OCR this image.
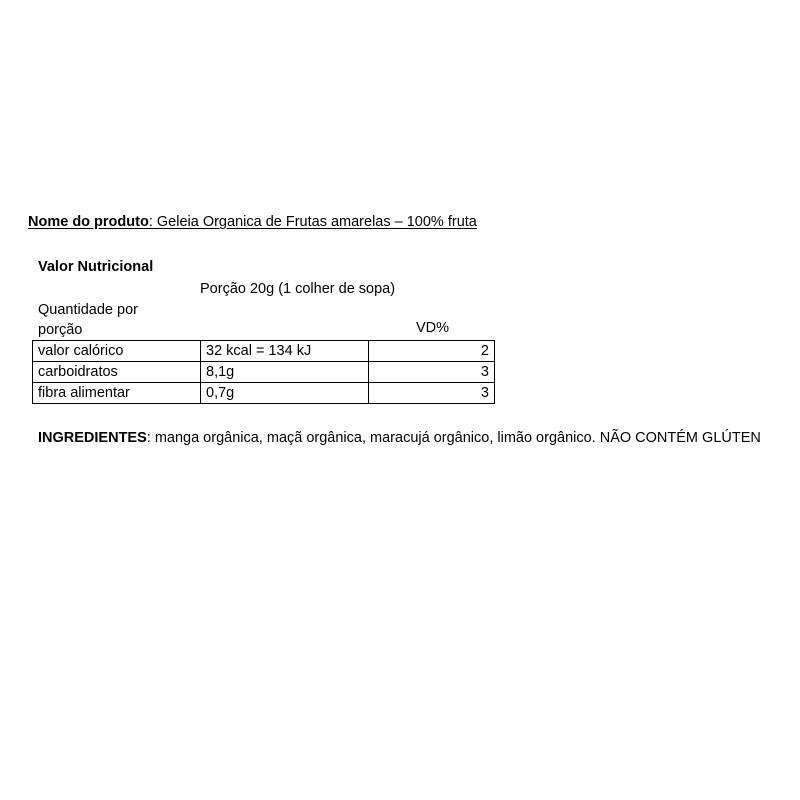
Nome do produto: Geleia Organica de Frutas amarelas – 100% fruta
Valor Nutricional
Porção 20g (1 colher de sopa)
Quantidade por
porção	VD%
valor calórico	32 kcal = 134 kJ	2
carboidratos	8,1g	3
fibra alimentar	0,7g	3
INGREDIENTES: manga orgânica, maçã orgânica, maracujá orgânico, limão orgânico. NÃO CONTÉM GLÚTEN
